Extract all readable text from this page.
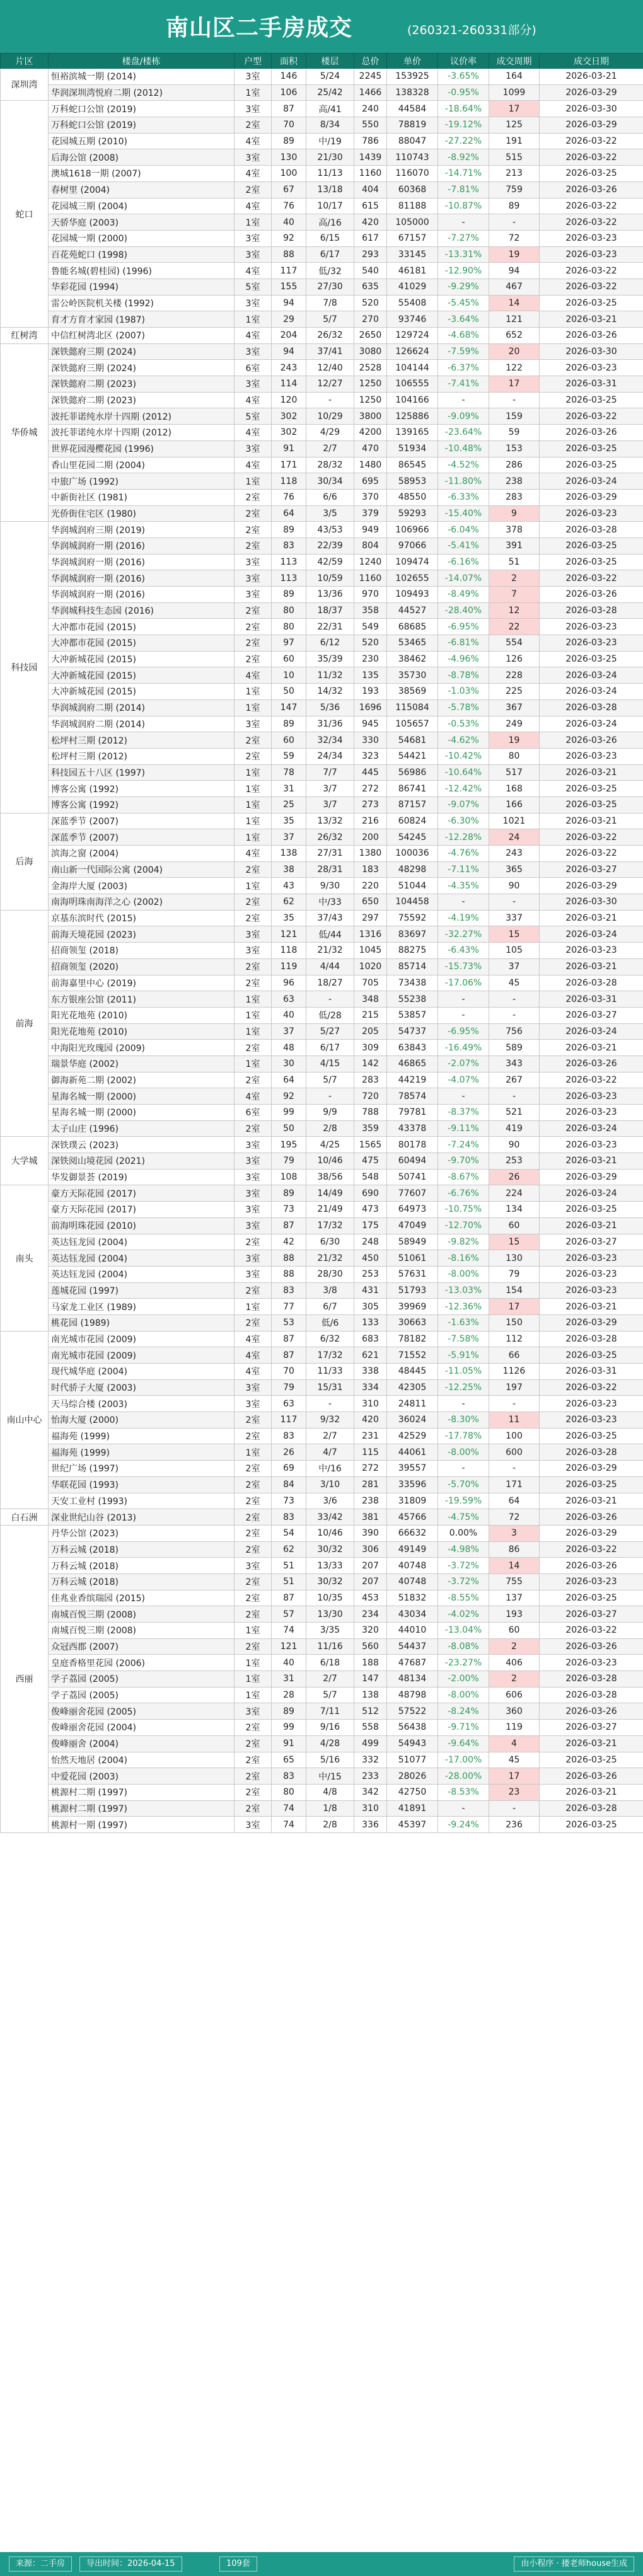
南山区二手房成交	(260321-260331部分)
片区	楼盘/楼栋	户型	面积	楼层	总价	单价	议价率	成交周期	成交日期
深圳湾	恒裕滨城一期 (2014)	3室	146	5/24	2245	153925	-3.65%	164	2026-03-21
	华润深圳湾悦府二期 (2012)	1室	106	25/42	1466	138328	-0.95%	1099	2026-03-29
蛇口	万科蛇口公馆 (2019)	3室	87	高/41	240	44584	-18.64%	17	2026-03-30
	万科蛇口公馆 (2019)	2室	70	8/34	550	78819	-19.12%	125	2026-03-29
	花园城五期 (2010)	4室	89	中/19	786	88047	-27.22%	191	2026-03-22
	后海公馆 (2008)	3室	130	21/30	1439	110743	-8.92%	515	2026-03-22
	澳城1618一期 (2007)	4室	100	11/13	1160	116070	-14.71%	213	2026-03-25
	春树里 (2004)	2室	67	13/18	404	60368	-7.81%	759	2026-03-26
	花园城三期 (2004)	4室	76	10/17	615	81188	-10.87%	89	2026-03-22
	天骄华庭 (2003)	1室	40	高/16	420	105000	-	-	2026-03-22
	花园城一期 (2000)	3室	92	6/15	617	67157	-7.27%	72	2026-03-23
	百花苑蛇口 (1998)	3室	88	6/17	293	33145	-13.31%	19	2026-03-23
	鲁能名城(碧桂园) (1996)	4室	117	低/32	540	46181	-12.90%	94	2026-03-22
	华彩花园 (1994)	5室	155	27/30	635	41029	-9.29%	467	2026-03-22
	雷公岭医院机关楼 (1992)	3室	94	7/8	520	55408	-5.45%	14	2026-03-25
	育才方育才家园 (1987)	1室	29	5/7	270	93746	-3.64%	121	2026-03-21
红树湾	中信红树湾北区 (2007)	4室	204	26/32	2650	129724	-4.68%	652	2026-03-26
华侨城	深铁懿府三期 (2024)	3室	94	37/41	3080	126624	-7.59%	20	2026-03-30
	深铁懿府三期 (2024)	6室	243	12/40	2528	104144	-6.37%	122	2026-03-23
	深铁懿府二期 (2023)	3室	114	12/27	1250	106555	-7.41%	17	2026-03-31
	深铁懿府二期 (2023)	4室	120	-	1250	104166	-	-	2026-03-25
	波托菲诺纯水岸十四期 (2012)	5室	302	10/29	3800	125886	-9.09%	159	2026-03-22
	波托菲诺纯水岸十四期 (2012)	4室	302	4/29	4200	139165	-23.64%	59	2026-03-26
	世界花园漫樱花园 (1996)	3室	91	2/7	470	51934	-10.48%	153	2026-03-25
	香山里花园二期 (2004)	4室	171	28/32	1480	86545	-4.52%	286	2026-03-25
	中旅广场 (1992)	1室	118	30/34	695	58953	-11.80%	238	2026-03-24
	中新街社区 (1981)	2室	76	6/6	370	48550	-6.33%	283	2026-03-29
	光侨街住宅区 (1980)	2室	64	3/5	379	59293	-15.40%	9	2026-03-23
科技园	华润城润府三期 (2019)	2室	89	43/53	949	106966	-6.04%	378	2026-03-28
	华润城润府一期 (2016)	2室	83	22/39	804	97066	-5.41%	391	2026-03-25
	华润城润府一期 (2016)	3室	113	42/59	1240	109474	-6.16%	51	2026-03-25
	华润城润府一期 (2016)	3室	113	10/59	1160	102655	-14.07%	2	2026-03-22
	华润城润府一期 (2016)	3室	89	13/36	970	109493	-8.49%	7	2026-03-26
	华润城科技生态园 (2016)	2室	80	18/37	358	44527	-28.40%	12	2026-03-28
	大冲都市花园 (2015)	2室	80	22/31	549	68685	-6.95%	22	2026-03-23
	大冲都市花园 (2015)	2室	97	6/12	520	53465	-6.81%	554	2026-03-23
	大冲新城花园 (2015)	2室	60	35/39	230	38462	-4.96%	126	2026-03-25
	大冲新城花园 (2015)	4室	10	11/32	135	35730	-8.78%	228	2026-03-24
	大冲新城花园 (2015)	1室	50	14/32	193	38569	-1.03%	225	2026-03-24
	华润城润府二期 (2014)	1室	147	5/36	1696	115084	-5.78%	367	2026-03-28
	华润城润府二期 (2014)	3室	89	31/36	945	105657	-0.53%	249	2026-03-24
	松坪村三期 (2012)	2室	60	32/34	330	54681	-4.62%	19	2026-03-26
	松坪村三期 (2012)	2室	59	24/34	323	54421	-10.42%	80	2026-03-23
	科技园五十八区 (1997)	1室	78	7/7	445	56986	-10.64%	517	2026-03-21
	博客公寓 (1992)	1室	31	3/7	272	86741	-12.42%	168	2026-03-25
	博客公寓 (1992)	1室	25	3/7	273	87157	-9.07%	166	2026-03-25
后海	深蓝季节 (2007)	1室	35	13/32	216	60824	-6.30%	1021	2026-03-21
	深蓝季节 (2007)	1室	37	26/32	200	54245	-12.28%	24	2026-03-22
	滨海之窗 (2004)	4室	138	27/31	1380	100036	-4.76%	243	2026-03-22
	南山新一代国际公寓 (2004)	2室	38	28/31	183	48298	-7.11%	365	2026-03-27
	金海岸大厦 (2003)	1室	43	9/30	220	51044	-4.35%	90	2026-03-29
	南海明珠南海洋之心 (2002)	2室	62	中/33	650	104458	-	-	2026-03-30
前海	京基东滨时代 (2015)	2室	35	37/43	297	75592	-4.19%	337	2026-03-21
	前海天境花园 (2023)	3室	121	低/44	1316	83697	-32.27%	15	2026-03-24
	招商领玺 (2018)	3室	118	21/32	1045	88275	-6.43%	105	2026-03-23
	招商领玺 (2020)	2室	119	4/44	1020	85714	-15.73%	37	2026-03-21
	前海嘉里中心 (2019)	2室	96	18/27	705	73438	-17.06%	45	2026-03-28
	东方银座公馆 (2011)	1室	63	-	348	55238	-	-	2026-03-31
	阳光花地苑 (2010)	1室	40	低/28	215	53857	-	-	2026-03-27
	阳光花地苑 (2010)	1室	37	5/27	205	54737	-6.95%	756	2026-03-24
	中海阳光玫瑰园 (2009)	2室	48	6/17	309	63843	-16.49%	589	2026-03-21
	瑞景华庭 (2002)	1室	30	4/15	142	46865	-2.07%	343	2026-03-26
	御海新苑二期 (2002)	2室	64	5/7	283	44219	-4.07%	267	2026-03-22
	星海名城一期 (2000)	4室	92	-	720	78574	-	-	2026-03-23
	星海名城一期 (2000)	6室	99	9/9	788	79781	-8.37%	521	2026-03-23
	太子山庄 (1996)	2室	50	2/8	359	43378	-9.11%	419	2026-03-24
大学城	深铁璞云 (2023)	3室	195	4/25	1565	80178	-7.24%	90	2026-03-23
	深铁阅山境花园 (2021)	3室	79	10/46	475	60494	-9.70%	253	2026-03-21
	华发御景荟 (2019)	3室	108	38/56	548	50741	-8.67%	26	2026-03-29
南头	豪方天际花园 (2017)	3室	89	14/49	690	77607	-6.76%	224	2026-03-24
	豪方天际花园 (2017)	3室	73	21/49	473	64973	-10.75%	134	2026-03-25
	前海明珠花园 (2010)	3室	87	17/32	175	47049	-12.70%	60	2026-03-21
	英达钰龙园 (2004)	2室	42	6/30	248	58949	-9.82%	15	2026-03-27
	英达钰龙园 (2004)	3室	88	21/32	450	51061	-8.16%	130	2026-03-23
	英达钰龙园 (2004)	3室	88	28/30	253	57631	-8.00%	79	2026-03-23
	莲城花园 (1997)	2室	83	3/8	431	51793	-13.03%	154	2026-03-23
	马家龙工业区 (1989)	1室	77	6/7	305	39969	-12.36%	17	2026-03-21
	桃花园 (1989)	2室	53	低/6	133	30663	-1.63%	150	2026-03-29
南山中心	南光城市花园 (2009)	4室	87	6/32	683	78182	-7.58%	112	2026-03-28
	南光城市花园 (2009)	4室	87	17/32	621	71552	-5.91%	66	2026-03-25
	现代城华庭 (2004)	4室	70	11/33	338	48445	-11.05%	1126	2026-03-31
	时代骄子大厦 (2003)	3室	79	15/31	334	42305	-12.25%	197	2026-03-22
	天马综合楼 (2003)	3室	63	-	310	24811	-	-	2026-03-23
	怡海大厦 (2000)	2室	117	9/32	420	36024	-8.30%	11	2026-03-23
	福海苑 (1999)	2室	83	2/7	231	42529	-17.78%	100	2026-03-25
	福海苑 (1999)	1室	26	4/7	115	44061	-8.00%	600	2026-03-28
	世纪广场 (1997)	2室	69	中/16	272	39557	-	-	2026-03-29
	华联花园 (1993)	2室	84	3/10	281	33596	-5.70%	171	2026-03-25
	天安工业村 (1993)	2室	73	3/6	238	31809	-19.59%	64	2026-03-21
白石洲	深业世纪山谷 (2013)	2室	83	33/42	381	45766	-4.75%	72	2026-03-26
西丽	丹华公馆 (2023)	2室	54	10/46	390	66632	0.00%	3	2026-03-29
	万科云城 (2018)	2室	62	30/32	306	49149	-4.98%	86	2026-03-22
	万科云城 (2018)	3室	51	13/33	207	40748	-3.72%	14	2026-03-26
	万科云城 (2018)	2室	51	30/32	207	40748	-3.72%	755	2026-03-23
	佳兆业香缤瑞园 (2015)	2室	87	10/35	453	51832	-8.55%	137	2026-03-25
	南城百悦三期 (2008)	2室	57	13/30	234	43034	-4.02%	193	2026-03-27
	南城百悦三期 (2008)	1室	74	3/35	320	44010	-13.04%	60	2026-03-22
	众冠西郡 (2007)	2室	121	11/16	560	54437	-8.08%	2	2026-03-26
	皇庭香格里花园 (2006)	1室	40	6/18	188	47687	-23.27%	406	2026-03-23
	学子荔园 (2005)	1室	31	2/7	147	48134	-2.00%	2	2026-03-28
	学子荔园 (2005)	1室	28	5/7	138	48798	-8.00%	606	2026-03-28
	俊峰丽舍花园 (2005)	3室	89	7/11	512	57522	-8.24%	360	2026-03-26
	俊峰丽舍花园 (2004)	2室	99	9/16	558	56438	-9.71%	119	2026-03-27
	俊峰丽舍 (2004)	2室	91	4/28	499	54943	-9.64%	4	2026-03-21
	怡然天地居 (2004)	2室	65	5/16	332	51077	-17.00%	45	2026-03-25
	中爱花园 (2003)	2室	83	中/15	233	28026	-28.00%	17	2026-03-26
	桃源村二期 (1997)	2室	80	4/8	342	42750	-8.53%	23	2026-03-21
	桃源村二期 (1997)	2室	74	1/8	310	41891	-	-	2026-03-28
	桃源村一期 (1997)	3室	74	2/8	336	45397	-9.24%	236	2026-03-25
来源：二手房	导出时间：2026-04-15	109套	由小程序 · 搂老师house生成
